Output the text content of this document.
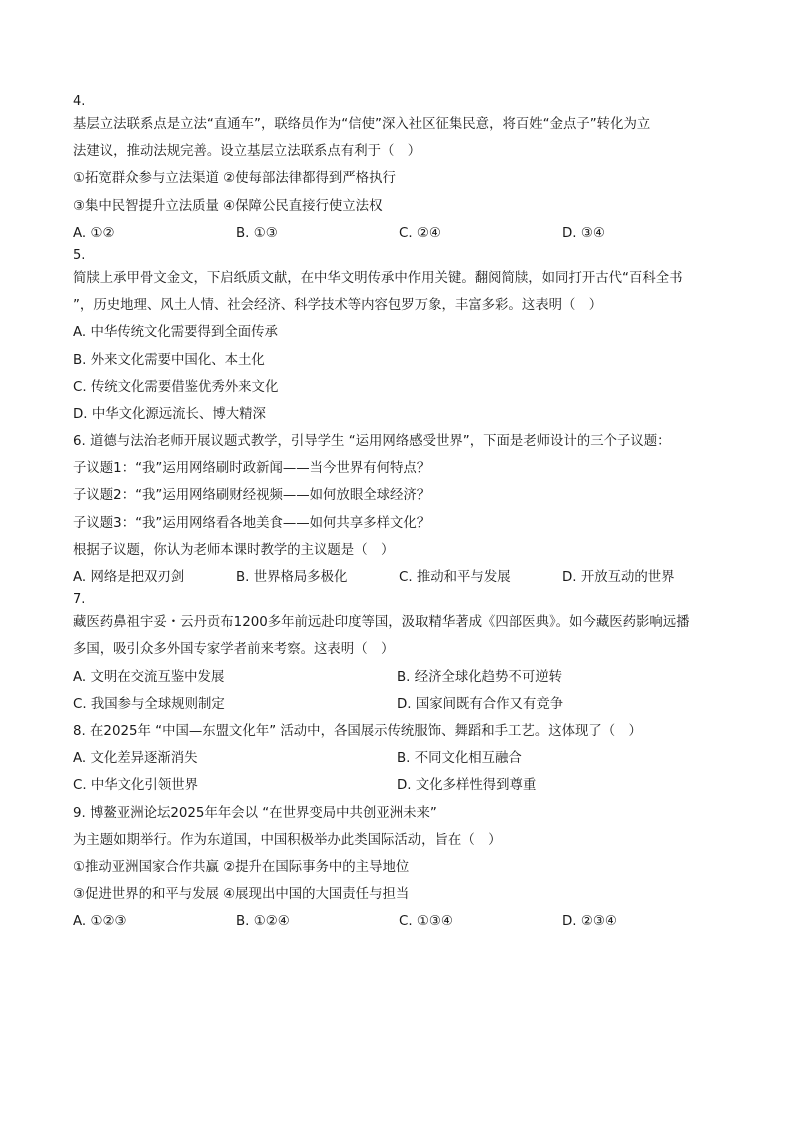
4.
基层立法联系点是立法“直通车”，联络员作为“信使”深入社区征集民意，将百姓“金点子”转化为立
法建议，推动法规完善。设立基层立法联系点有利于（　）
①拓宽群众参与立法渠道 ②使每部法律都得到严格执行
③集中民智提升立法质量 ④保障公民直接行使立法权
A. ①②	B. ①③	C. ②④	D. ③④
5.
简牍上承甲骨文金文，下启纸质文献，在中华文明传承中作用关键。翻阅简牍，如同打开古代“百科全书
”，历史地理、风土人情、社会经济、科学技术等内容包罗万象，丰富多彩。这表明（　）
A. 中华传统文化需要得到全面传承
B. 外来文化需要中国化、本土化
C. 传统文化需要借鉴优秀外来文化
D. 中华文化源远流长、博大精深
6. 道德与法治老师开展议题式教学，引导学生 “运用网络感受世界”，下面是老师设计的三个子议题：
子议题1：“我”运用网络刷时政新闻——当今世界有何特点？
子议题2：“我”运用网络刷财经视频——如何放眼全球经济？
子议题3：“我”运用网络看各地美食——如何共享多样文化？
根据子议题，你认为老师本课时教学的主议题是（　）
A. 网络是把双刃剑	B. 世界格局多极化	C. 推动和平与发展	D. 开放互动的世界
7.
藏医药鼻祖宇妥・云丹贡布1200多年前远赴印度等国，汲取精华著成《四部医典》。如今藏医药影响远播
多国，吸引众多外国专家学者前来考察。这表明（　）
A. 文明在交流互鉴中发展	B. 经济全球化趋势不可逆转
C. 我国参与全球规则制定	D. 国家间既有合作又有竞争
8. 在2025年 “中国—东盟文化年” 活动中，各国展示传统服饰、舞蹈和手工艺。这体现了（　）
A. 文化差异逐渐消失	B. 不同文化相互融合
C. 中华文化引领世界	D. 文化多样性得到尊重
9. 博鳌亚洲论坛2025年年会以 “在世界变局中共创亚洲未来”
为主题如期举行。作为东道国，中国积极举办此类国际活动，旨在（　）
①推动亚洲国家合作共赢 ②提升在国际事务中的主导地位
③促进世界的和平与发展 ④展现出中国的大国责任与担当
A. ①②③	B. ①②④	C. ①③④	D. ②③④
